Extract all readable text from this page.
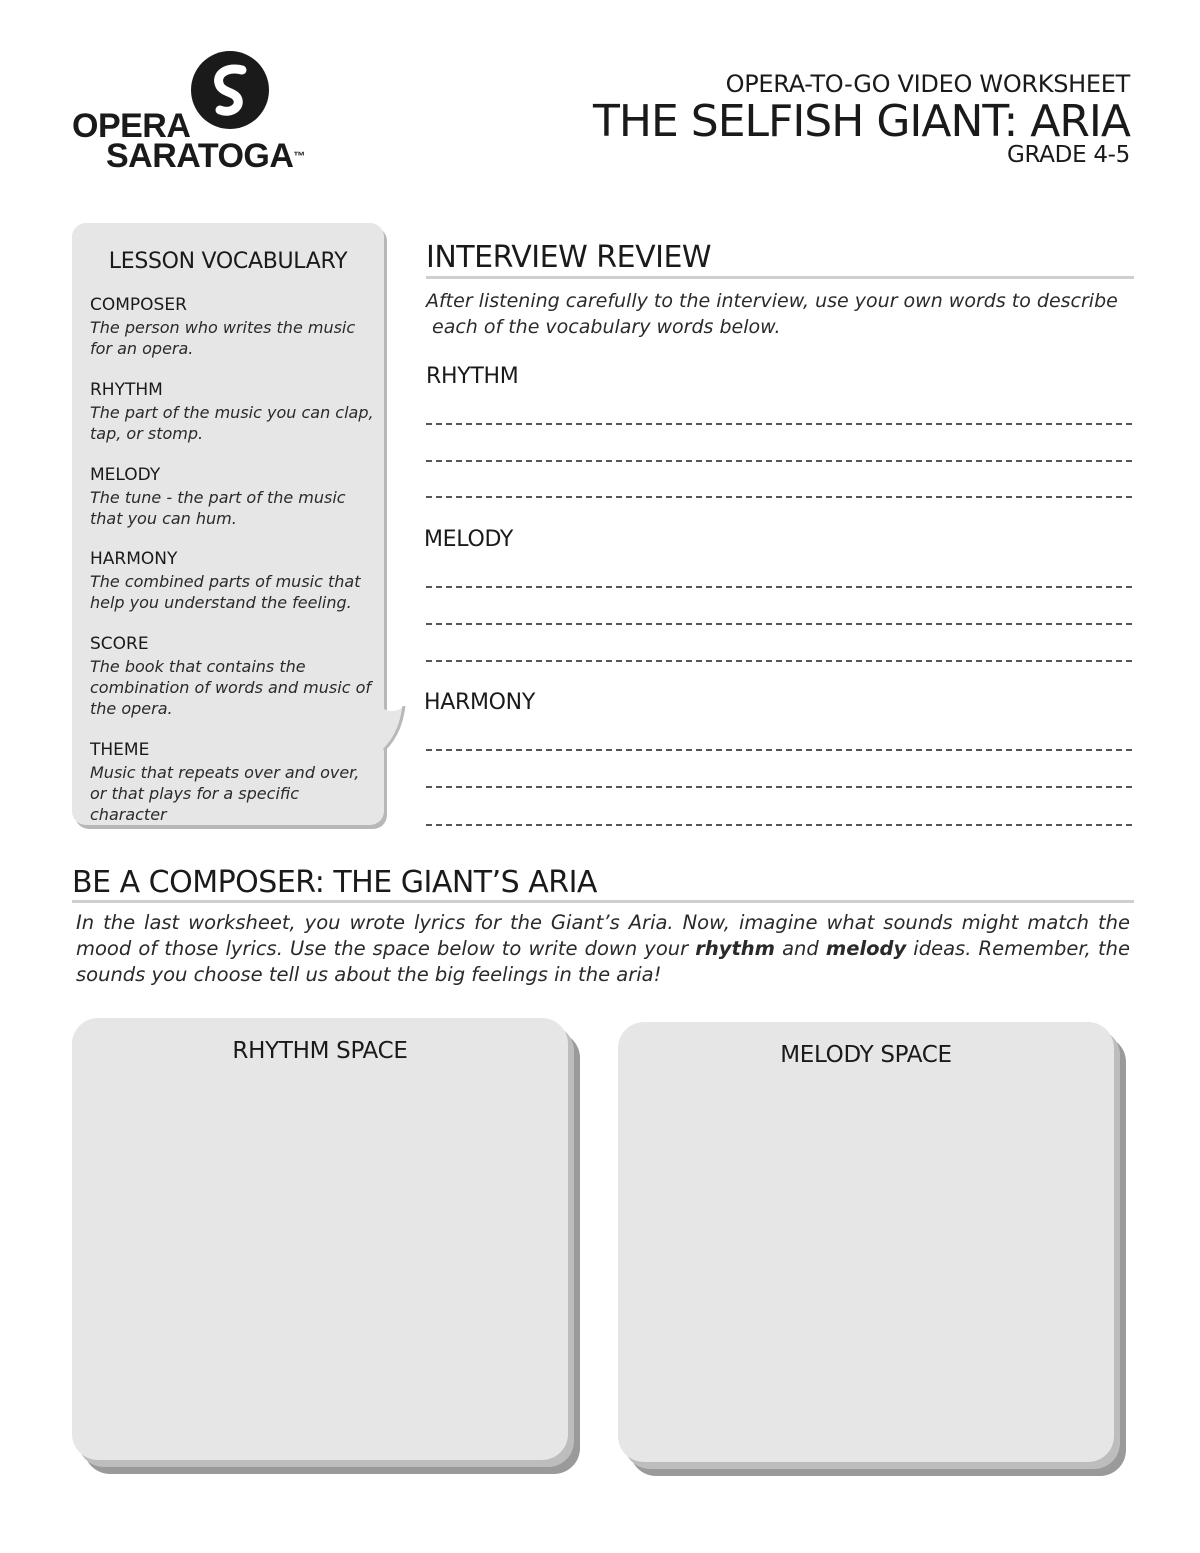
OPERA
SARATOGA™
OPERA-TO-GO VIDEO WORKSHEET
THE SELFISH GIANT: ARIA
GRADE 4-5
LESSON VOCABULARY
COMPOSER
The person who writes the music for an opera.
RHYTHM
The part of the music you can clap, tap, or stomp.
MELODY
The tune - the part of the music that you can hum.
HARMONY
The combined parts of music that help you understand the feeling.
SCORE
The book that contains the combination of words and music of the opera.
THEME
Music that repeats over and over, or that plays for a specific character
INTERVIEW REVIEW
After listening carefully to the interview, use your own words to describe
each of the vocabulary words below.
RHYTHM
MELODY
HARMONY
BE A COMPOSER: THE GIANT’S ARIA
In the last worksheet, you wrote lyrics for the Giant’s Aria. Now, imagine what sounds might match the mood of those lyrics. Use the space below to write down your rhythm and melody ideas. Remember, the sounds you choose tell us about the big feelings in the aria!
RHYTHM SPACE	MELODY SPACE
